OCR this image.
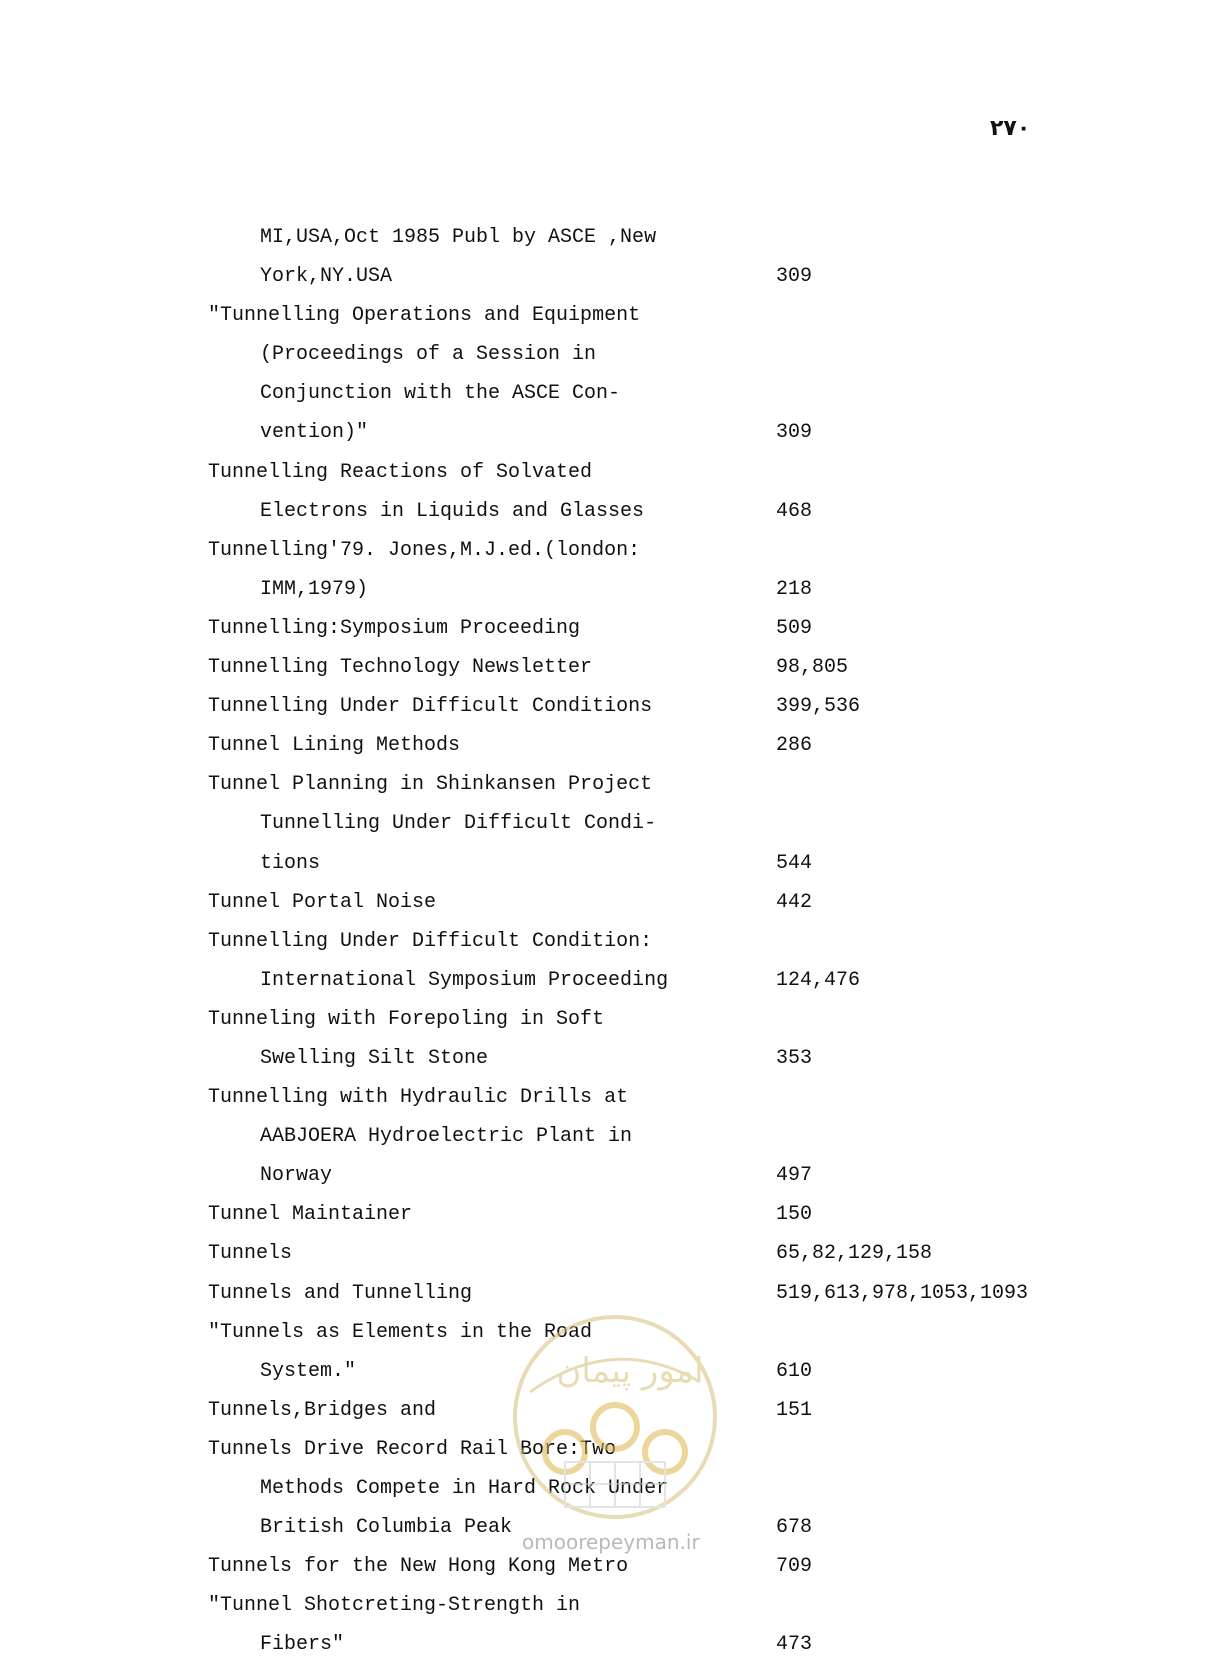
۲۷۰
MI,USA,Oct 1985 Publ by ASCE ,New
York,NY.USA	309
"Tunnelling Operations and Equipment
(Proceedings of a Session in
Conjunction with the ASCE Con-
vention)"	309
Tunnelling Reactions of Solvated
Electrons in Liquids and Glasses	468
Tunnelling'79. Jones,M.J.ed.(london:
IMM,1979)	218
Tunnelling:Symposium Proceeding	509
Tunnelling Technology Newsletter	98,805
Tunnelling Under Difficult Conditions	399,536
Tunnel Lining Methods	286
Tunnel Planning in Shinkansen Project
Tunnelling Under Difficult Condi-
tions	544
Tunnel Portal Noise	442
Tunnelling Under Difficult Condition:
International Symposium Proceeding	124,476
Tunneling with Forepoling in Soft
Swelling Silt Stone	353
Tunnelling with Hydraulic Drills at
AABJOERA Hydroelectric Plant in
Norway	497
Tunnel Maintainer	150
Tunnels	65,82,129,158
Tunnels and Tunnelling	519,613,978,1053,1093
"Tunnels as Elements in the Road
System."	610
Tunnels,Bridges and	151
Tunnels Drive Record Rail Bore:Two
Methods Compete in Hard Rock Under
British Columbia Peak	678
Tunnels for the New Hong Kong Metro	709
"Tunnel Shotcreting-Strength in
Fibers"	473
امور پیمان
omoorepeyman.ir
